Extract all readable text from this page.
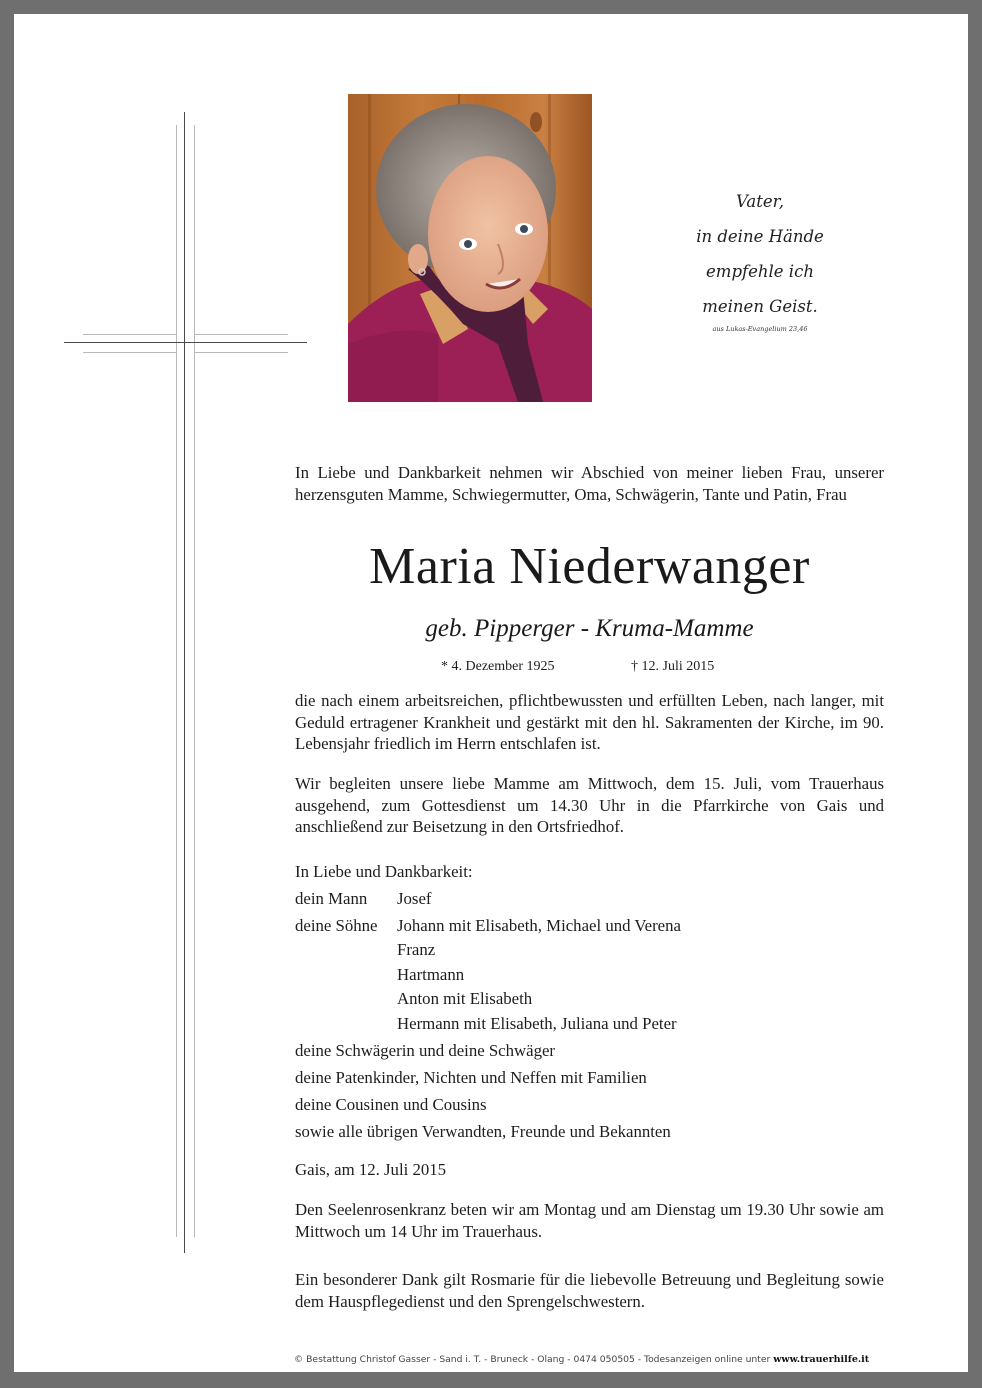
Vater,
in deine Hände
empfehle ich
meinen Geist.
aus Lukas-Evangelium 23,46
In Liebe und Dankbarkeit nehmen wir Abschied von meiner lieben Frau, unserer herzensguten Mamme, Schwiegermutter, Oma, Schwägerin, Tante und Patin, Frau
Maria Niederwanger
geb. Pipperger - Kruma-Mamme
* 4. Dezember 1925	† 12. Juli 2015
die nach einem arbeitsreichen, pflichtbewussten und erfüllten Leben, nach langer, mit Geduld ertragener Krankheit und gestärkt mit den hl. Sakramenten der Kirche, im 90. Lebensjahr friedlich im Herrn entschlafen ist.
Wir begleiten unsere liebe Mamme am Mittwoch, dem 15. Juli, vom Trauerhaus ausgehend, zum Gottesdienst um 14.30 Uhr in die Pfarrkirche von Gais und anschließend zur Beisetzung in den Ortsfriedhof.
In Liebe und Dankbarkeit:
dein Mann Josef
deine Söhne Johann mit Elisabeth, Michael und Verena
Franz
Hartmann
Anton mit Elisabeth
Hermann mit Elisabeth, Juliana und Peter
deine Schwägerin und deine Schwäger
deine Patenkinder, Nichten und Neffen mit Familien
deine Cousinen und Cousins
sowie alle übrigen Verwandten, Freunde und Bekannten
Gais, am 12. Juli 2015
Den Seelenrosenkranz beten wir am Montag und am Dienstag um 19.30 Uhr sowie am Mittwoch um 14 Uhr im Trauerhaus.
Ein besonderer Dank gilt Rosmarie für die liebevolle Betreuung und Begleitung sowie dem Hauspflegedienst und den Sprengelschwestern.
© Bestattung Christof Gasser - Sand i. T. - Bruneck - Olang - 0474 050505 - Todesanzeigen online unter www.trauerhilfe.it
